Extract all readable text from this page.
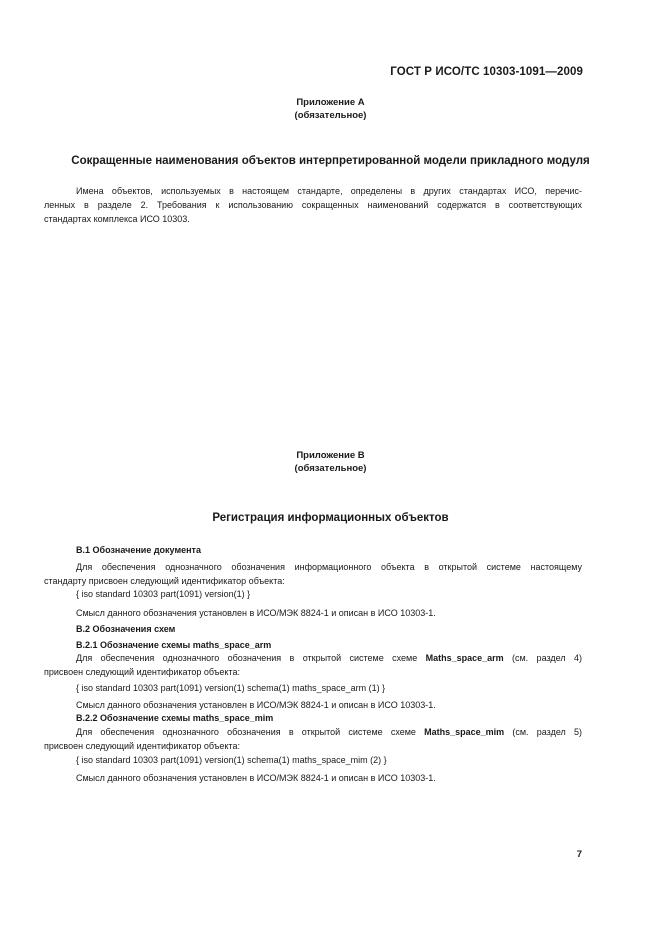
ГОСТ Р ИСО/ТС 10303-1091—2009
Приложение А
(обязательное)
Сокращенные наименования объектов интерпретированной модели прикладного модуля
Имена объектов, используемых в настоящем стандарте, определены в других стандартах ИСО, перечис-
ленных в разделе 2. Требования к использованию сокращенных наименований содержатся в соответствующих
стандартах комплекса ИСО 10303.
Приложение В
(обязательное)
Регистрация информационных объектов
В.1 Обозначение документа
Для обеспечения однозначного обозначения информационного объекта в открытой системе настоящему
стандарту присвоен следующий идентификатор объекта:
{ iso standard 10303 part(1091) version(1) }
Смысл данного обозначения установлен в ИСО/МЭК 8824-1 и описан в ИСО 10303-1.
В.2 Обозначения схем
В.2.1 Обозначение схемы maths_space_arm
Для обеспечения однозначного обозначения в открытой системе схеме Maths_space_arm (см. раздел 4)
присвоен следующий идентификатор объекта:
{ iso standard 10303 part(1091) version(1) schema(1) maths_space_arm (1) }
Смысл данного обозначения установлен в ИСО/МЭК 8824-1 и описан в ИСО 10303-1.
В.2.2 Обозначение схемы maths_space_mim
Для обеспечения однозначного обозначения в открытой системе схеме Maths_space_mim (см. раздел 5)
присвоен следующий идентификатор объекта:
{ iso standard 10303 part(1091) version(1) schema(1) maths_space_mim (2) }
Смысл данного обозначения установлен в ИСО/МЭК 8824-1 и описан в ИСО 10303-1.
7
